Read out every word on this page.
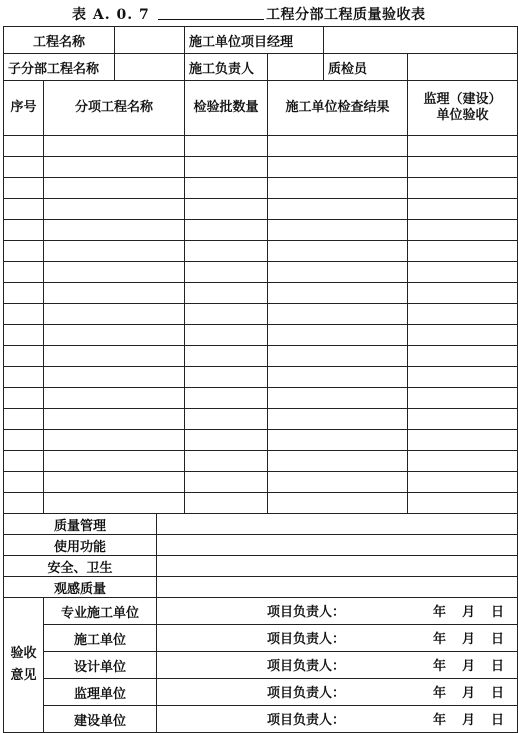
表 A. 0. 7	工程分部工程质量验收表
工程名称				施工单位项目经理			
子分部工程名称				施工负责人		质检员	
序号	分项工程名称			检验批数量	施工单位检查结果		监理（建设）
单位验收

质量管理							
使用功能							
安全、卫生							
观感质量							
验收
意见	专业施工单位		项目负责人： 年 月 日				

	施工单位		项目负责人： 年 月 日				

	设计单位		项目负责人： 年 月 日				

	监理单位		项目负责人： 年 月 日				

	建设单位		项目负责人： 年 月 日				
